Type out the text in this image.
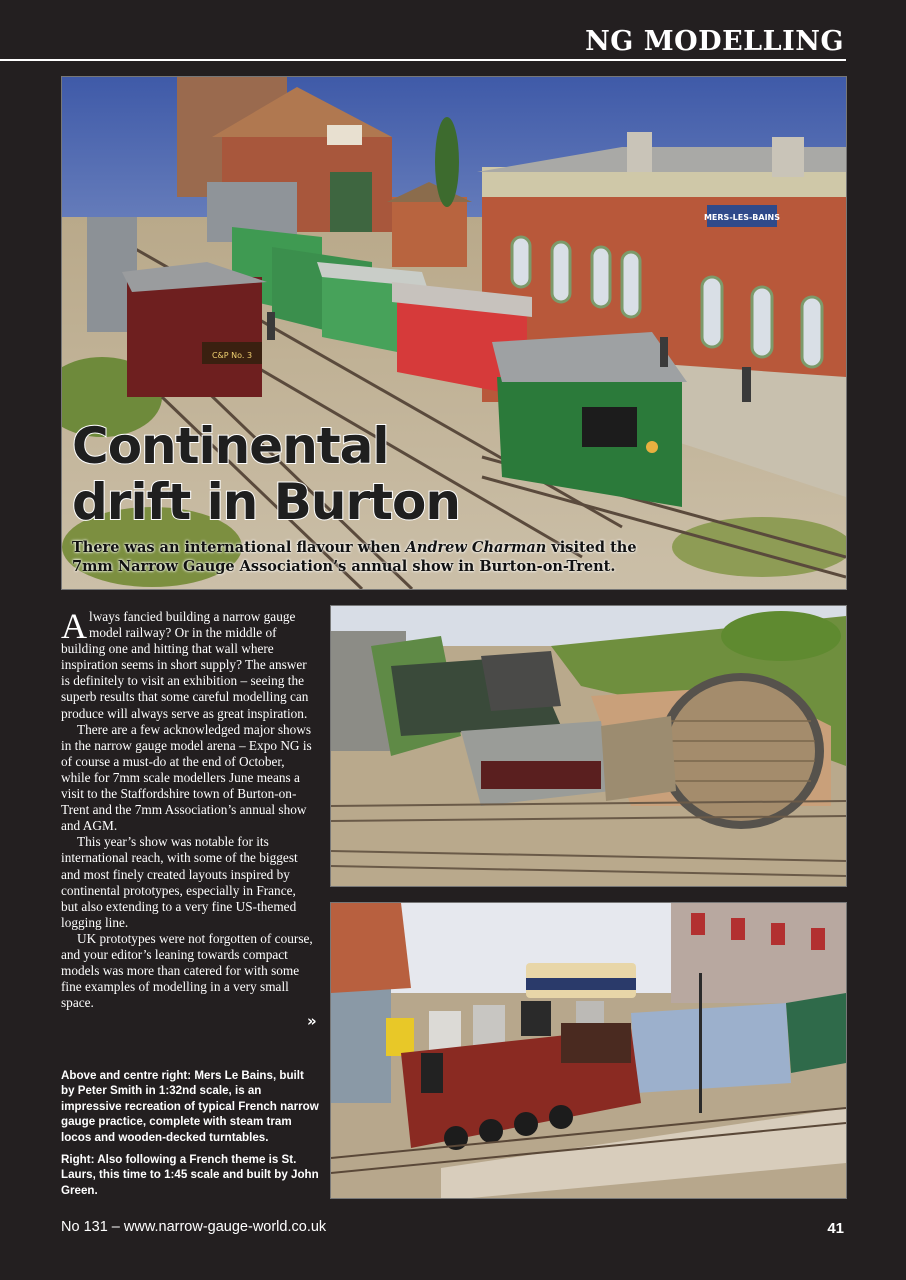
NG MODELLING
MERS-LES-BAINS
C&P No. 3
Continental
drift in Burton
There was an international flavour when Andrew Charman visited the 7mm Narrow Gauge Association’s annual show in Burton-on-Trent.

Always fancied building a narrow gauge model railway? Or in the middle of building one and hitting that wall where inspiration seems in short supply? The answer is definitely to visit an exhibition – seeing the superb results that some careful modelling can produce will always serve as great inspiration.

There are a few acknowledged major shows in the narrow gauge model arena – Expo NG is of course a must-do at the end of October, while for 7mm scale modellers June means a visit to the Staffordshire town of Burton-on-Trent and the 7mm Association’s annual show and AGM.

This year’s show was notable for its international reach, with some of the biggest and most finely created layouts inspired by continental prototypes, especially in France, but also extending to a very fine US-themed logging line.

UK prototypes were not forgotten of course, and your editor’s leaning towards compact models was more than catered for with some fine examples of modelling in a very small space.

»

Above and centre right: Mers Le Bains, built by Peter Smith in 1:32nd scale, is an impressive recreation of typical French narrow gauge practice, complete with steam tram locos and wooden-decked turntables.

Right: Also following a French theme is St. Laurs, this time to 1:45 scale and built by John Green.

No 131 – www.narrow-gauge-world.co.uk	41
